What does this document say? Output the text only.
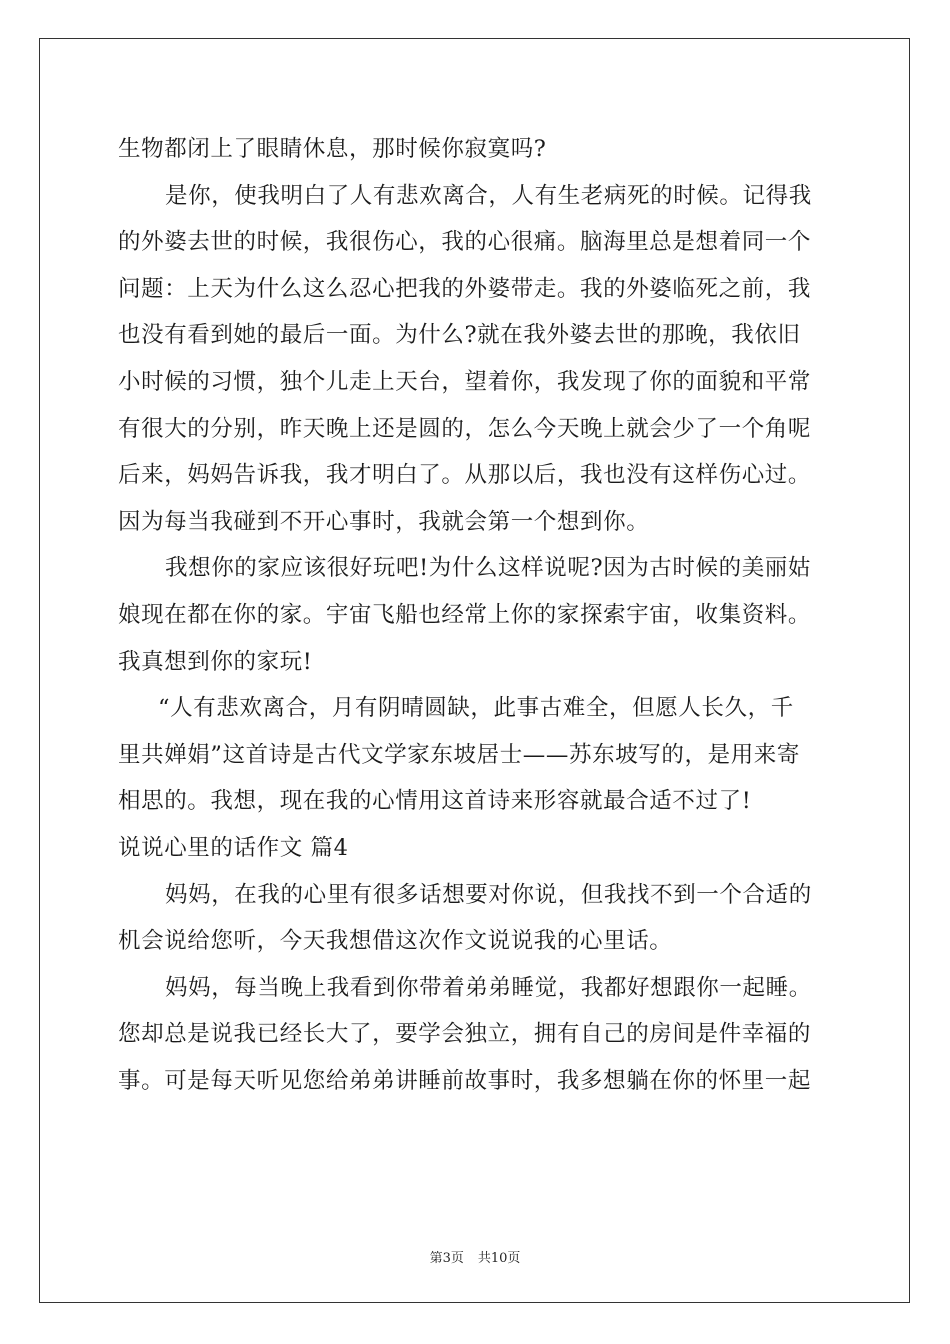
生物都闭上了眼睛休息，那时候你寂寞吗?
是你，使我明白了人有悲欢离合，人有生老病死的时候。记得我
的外婆去世的时候，我很伤心，我的心很痛。脑海里总是想着同一个
问题：上天为什么这么忍心把我的外婆带走。我的外婆临死之前，我
也没有看到她的最后一面。为什么?就在我外婆去世的那晚，我依旧
小时候的习惯，独个儿走上天台，望着你，我发现了你的面貌和平常
有很大的分别，昨天晚上还是圆的，怎么今天晚上就会少了一个角呢
后来，妈妈告诉我，我才明白了。从那以后，我也没有这样伤心过。
因为每当我碰到不开心事时，我就会第一个想到你。
我想你的家应该很好玩吧!为什么这样说呢?因为古时候的美丽姑
娘现在都在你的家。宇宙飞船也经常上你的家探索宇宙，收集资料。
我真想到你的家玩!
“人有悲欢离合，月有阴晴圆缺，此事古难全，但愿人长久，千
里共婵娟”这首诗是古代文学家东坡居士——苏东坡写的，是用来寄
相思的。我想，现在我的心情用这首诗来形容就最合适不过了!
说说心里的话作文 篇4
妈妈，在我的心里有很多话想要对你说，但我找不到一个合适的
机会说给您听，今天我想借这次作文说说我的心里话。
妈妈，每当晚上我看到你带着弟弟睡觉，我都好想跟你一起睡。
您却总是说我已经长大了，要学会独立，拥有自己的房间是件幸福的
事。可是每天听见您给弟弟讲睡前故事时，我多想躺在你的怀里一起
第3页 共10页
